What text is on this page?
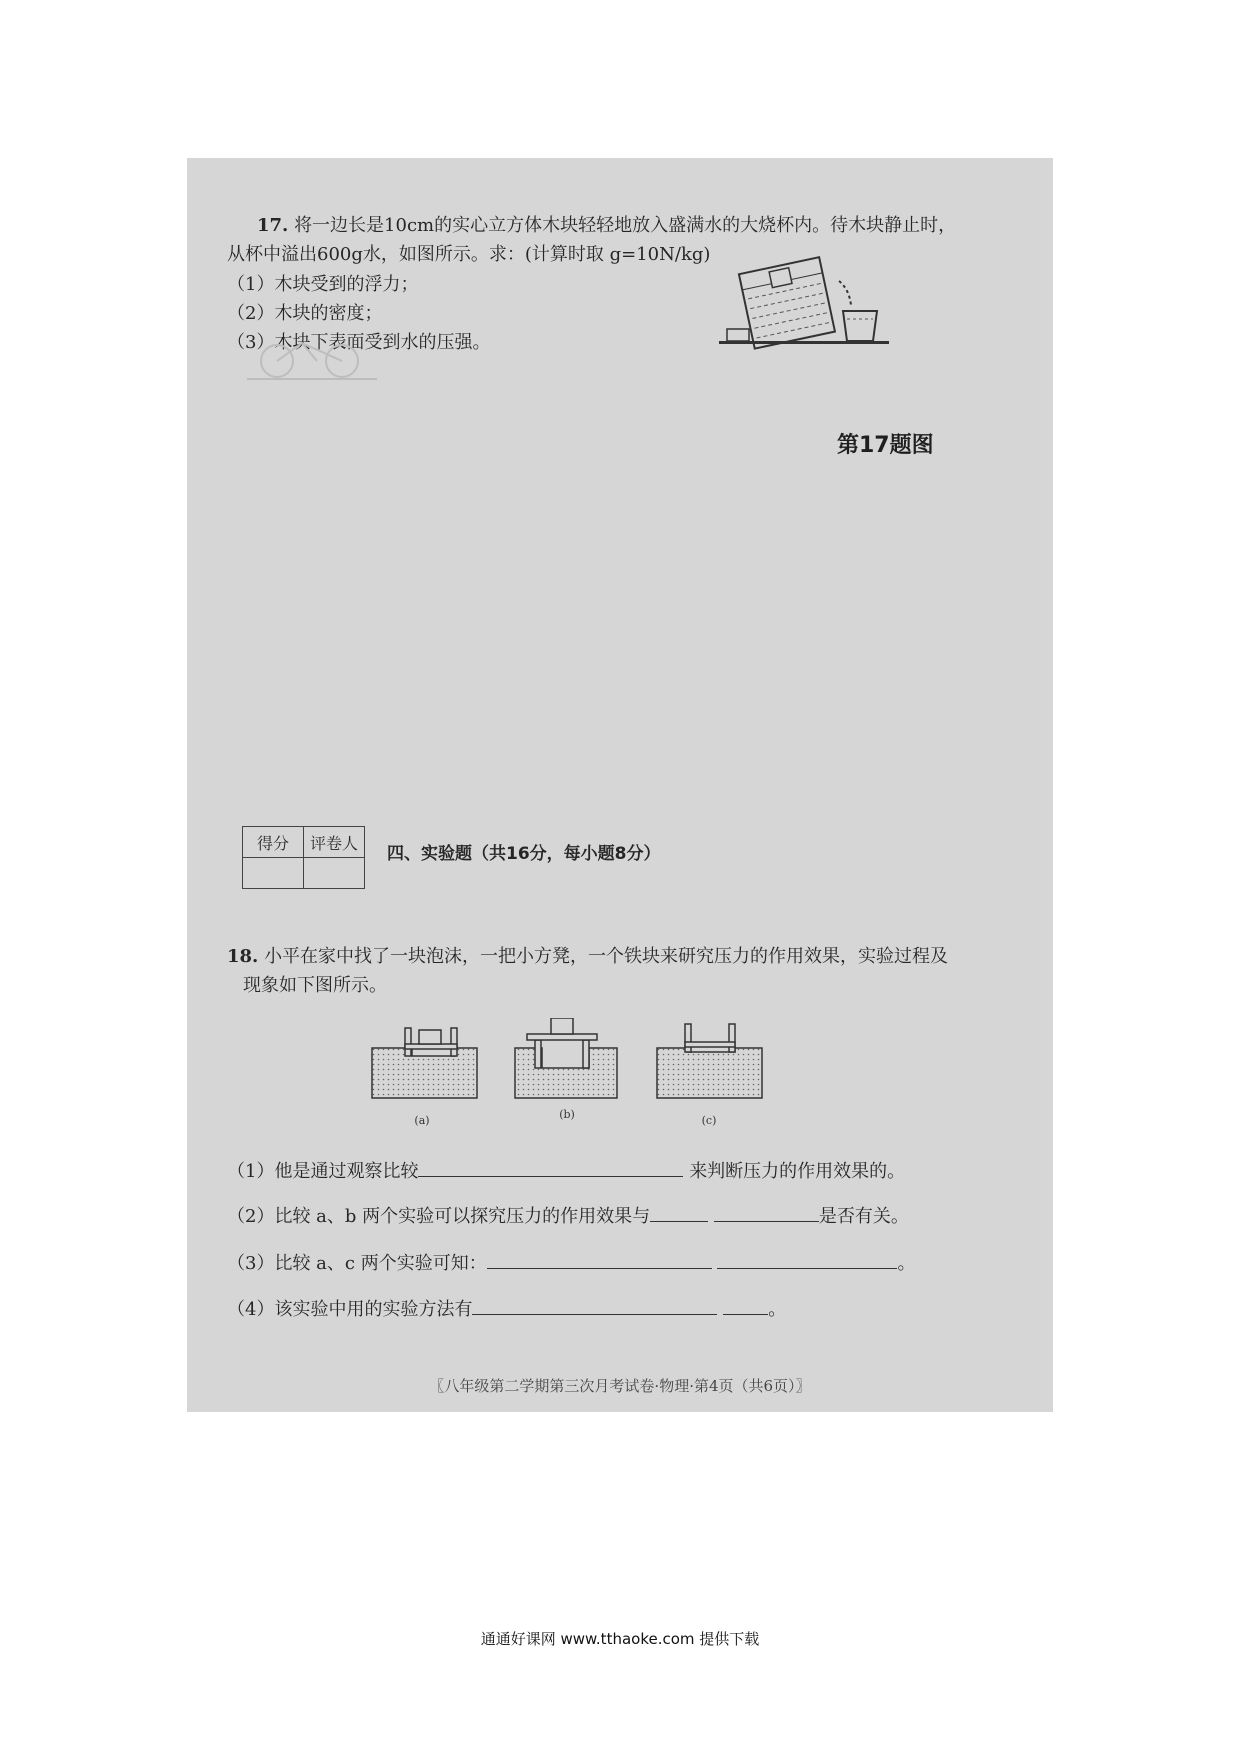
17. 将一边长是10cm的实心立方体木块轻轻地放入盛满水的大烧杯内。待木块静止时，
从杯中溢出600g水，如图所示。求：(计算时取 g=10N/kg)
（1）木块受到的浮力；
（2）木块的密度；
（3）木块下表面受到水的压强。
第17题图
得分	评卷人

四、实验题（共16分，每小题8分）
18. 小平在家中找了一块泡沫，一把小方凳，一个铁块来研究压力的作用效果，实验过程及
现象如下图所示。
(a)	(b)	(c)
（1）他是通过观察比较	来判断压力的作用效果的。
（2）比较 a、b 两个实验可以探究压力的作用效果与	是否有关。
（3）比较 a、c 两个实验可知：	。
（4）该实验中用的实验方法有	。
〖八年级第二学期第三次月考试卷·物理·第4页（共6页）〗
通通好课网 www.tthaoke.com 提供下载
